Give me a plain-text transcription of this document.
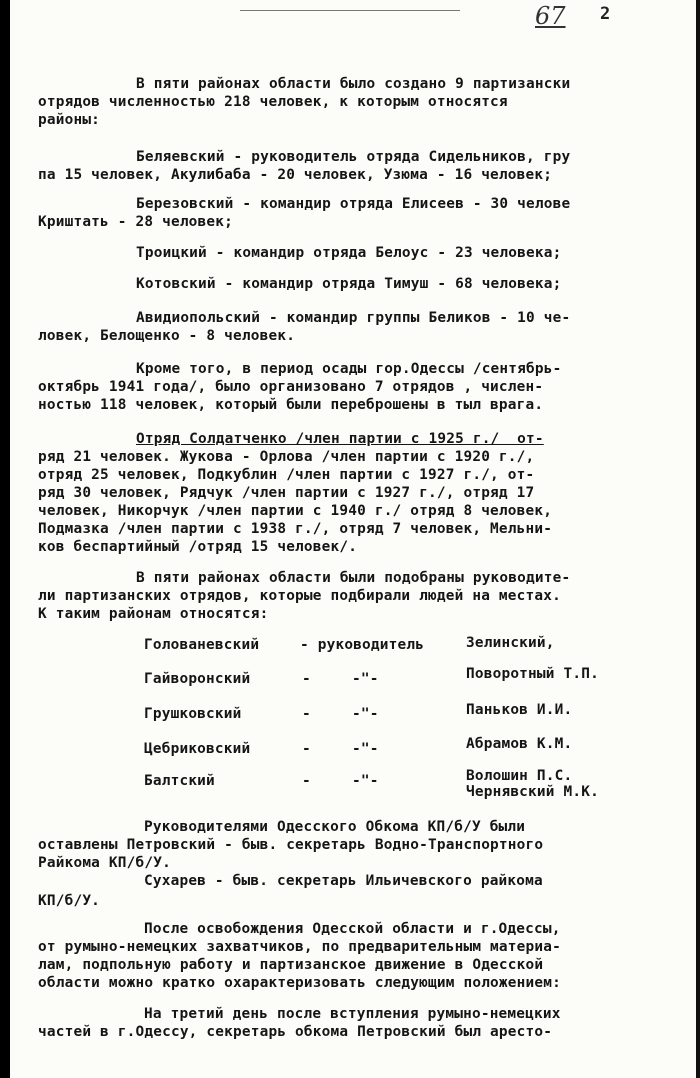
67 2
В пяти районах области было создано 9 партизански
отрядов численностью 218 человек, к которым относятся
районы:
Беляевский - руководитель отряда Сидельников, гру
па 15 человек, Акулибаба - 20 человек, Узюма - 16 человек;
Березовский - командир отряда Елисеев - 30 челове
Криштать - 28 человек;
Троицкий - командир отряда Белоус - 23 человека;
Котовский - командир отряда Тимуш - 68 человека;
Авидиопольский - командир группы Беликов - 10 че-
ловек, Белощенко - 8 человек.
Кроме того, в период осады гор.Одессы /сентябрь-
октябрь 1941 года/, было организовано 7 отрядов , числен-
ностью 118 человек, который были переброшены в тыл врага.
Отряд Солдатченко /член партии с 1925 г./  от-
ряд 21 человек. Жукова - Орлова /член партии с 1920 г./,
отряд 25 человек, Подкублин /член партии с 1927 г./, от-
ряд 30 человек, Рядчук /член партии с 1927 г./, отряд 17
человек, Никорчук /член партии с 1940 г./ отряд 8 человек,
Подмазка /член партии с 1938 г./, отряд 7 человек, Мельни-
ков беспартийный /отряд 15 человек/.
В пяти районах области были подобраны руководите-
ли партизанских отрядов, которые подбирали людей на местах.
К таким районам относятся:
Голованевский	- руководитель	Зелинский,
Гайворонский	-	-"-	Поворотный Т.П.
Грушковский	-	-"-	Паньков И.И.
Цебриковский	-	-"-	Абрамов К.М.
Балтский	-	-"-	Волошин П.С.
Чернявский М.К.
Руководителями Одесского Обкома КП/б/У были
оставлены Петровский - быв. секретарь Водно-Транспортного
Райкома КП/б/У.
Сухарев - быв. секретарь Ильичевского райкома
КП/б/У.
После освобождения Одесской области и г.Одессы,
от румыно-немецких захватчиков, по предварительным материа-
лам, подпольную работу и партизанское движение в Одесской
области можно кратко охарактеризовать следующим положением:
На третий день после вступления румыно-немецких
частей в г.Одессу, секретарь обкома Петровский был арестo-
